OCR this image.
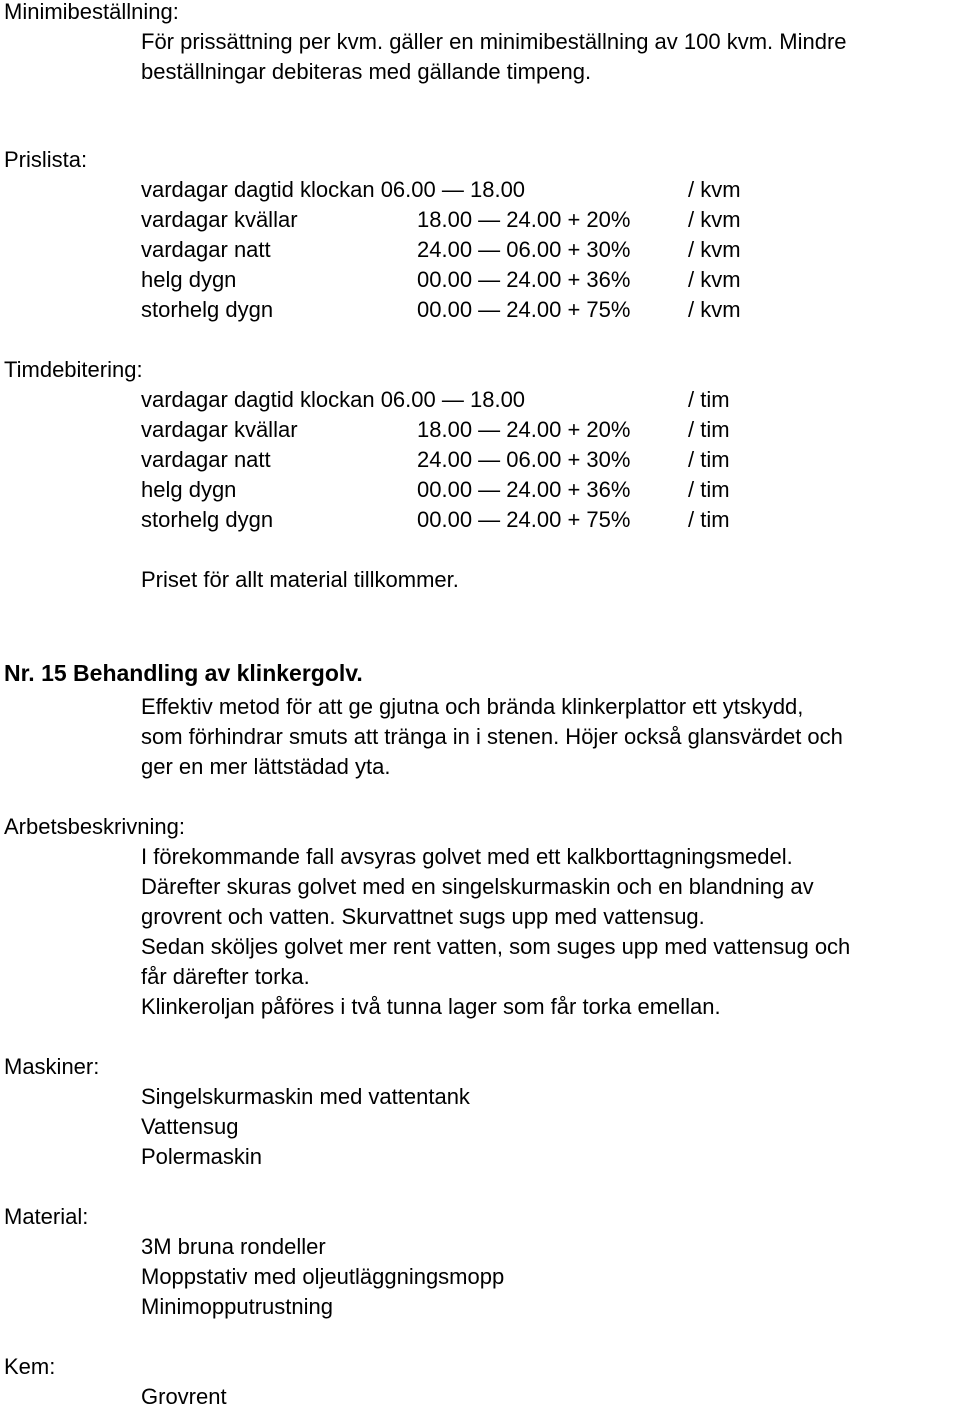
Minimibeställning:
För prissättning per kvm. gäller en minimibeställning av 100 kvm. Mindre
beställningar debiteras med gällande timpeng.
Prislista:
vardagar dagtid klockan 06.00 — 18.00	/ kvm
vardagar kvällar	18.00 — 24.00 + 20%	/ kvm
vardagar natt	24.00 — 06.00 + 30%	/ kvm
helg dygn	00.00 — 24.00 + 36%	/ kvm
storhelg dygn	00.00 — 24.00 + 75%	/ kvm
Timdebitering:
vardagar dagtid klockan 06.00 — 18.00	/ tim
vardagar kvällar	18.00 — 24.00 + 20%	/ tim
vardagar natt	24.00 — 06.00 + 30%	/ tim
helg dygn	00.00 — 24.00 + 36%	/ tim
storhelg dygn	00.00 — 24.00 + 75%	/ tim
Priset för allt material tillkommer.
Nr. 15 Behandling av klinkergolv.
Effektiv metod för att ge gjutna och brända klinkerplattor ett ytskydd,
som förhindrar smuts att tränga in i stenen. Höjer också glansvärdet och
ger en mer lättstädad yta.
Arbetsbeskrivning:
I förekommande fall avsyras golvet med ett kalkborttagningsmedel.
Därefter skuras golvet med en singelskurmaskin och en blandning av
grovrent och vatten. Skurvattnet sugs upp med vattensug.
Sedan sköljes golvet mer rent vatten, som suges upp med vattensug och
får därefter torka.
Klinkeroljan påföres i två tunna lager som får torka emellan.
Maskiner:
Singelskurmaskin med vattentank
Vattensug
Polermaskin
Material:
3M bruna rondeller
Moppstativ med oljeutläggningsmopp
Minimopputrustning
Kem:
Grovrent
